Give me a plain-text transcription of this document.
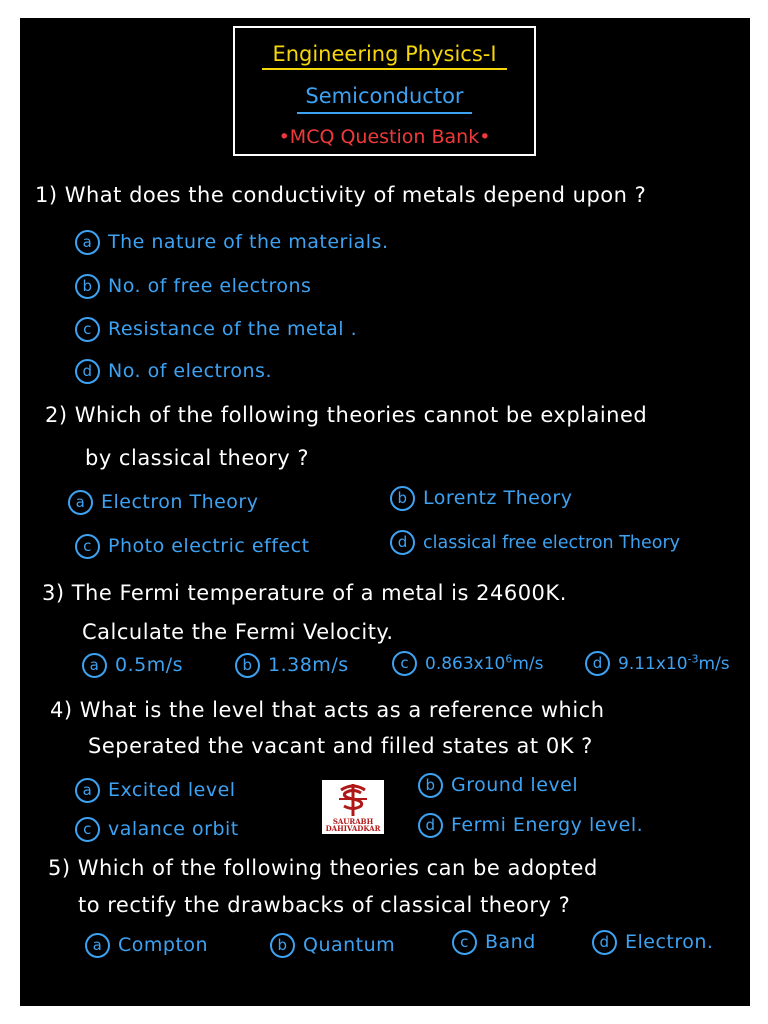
Engineering Physics-I
Semiconductor
•MCQ Question Bank•
1) What does the conductivity of metals depend upon ?
a The nature of the materials.
b No. of free electrons
c Resistance of the metal .
d No. of electrons.
2) Which of the following theories cannot be explained
by classical theory ?
a Electron Theory	b Lorentz Theory
c Photo electric effect	d classical free electron Theory
3) The Fermi temperature of a metal is 24600K.
Calculate the Fermi Velocity.
a 0.5m/s	b 1.38m/s	c $0.863x10^6m/s$	d $9.11x10^{-3}m/s$
4) What is the level that acts as a reference which
Seperated the vacant and filled states at 0K ?
a Excited level	b Ground level
c valance orbit	d Fermi Energy level.
SAURABH
DAHIVADKAR
5) Which of the following theories can be adopted
to rectify the drawbacks of classical theory ?
a Compton	b Quantum	c Band	d Electron.
